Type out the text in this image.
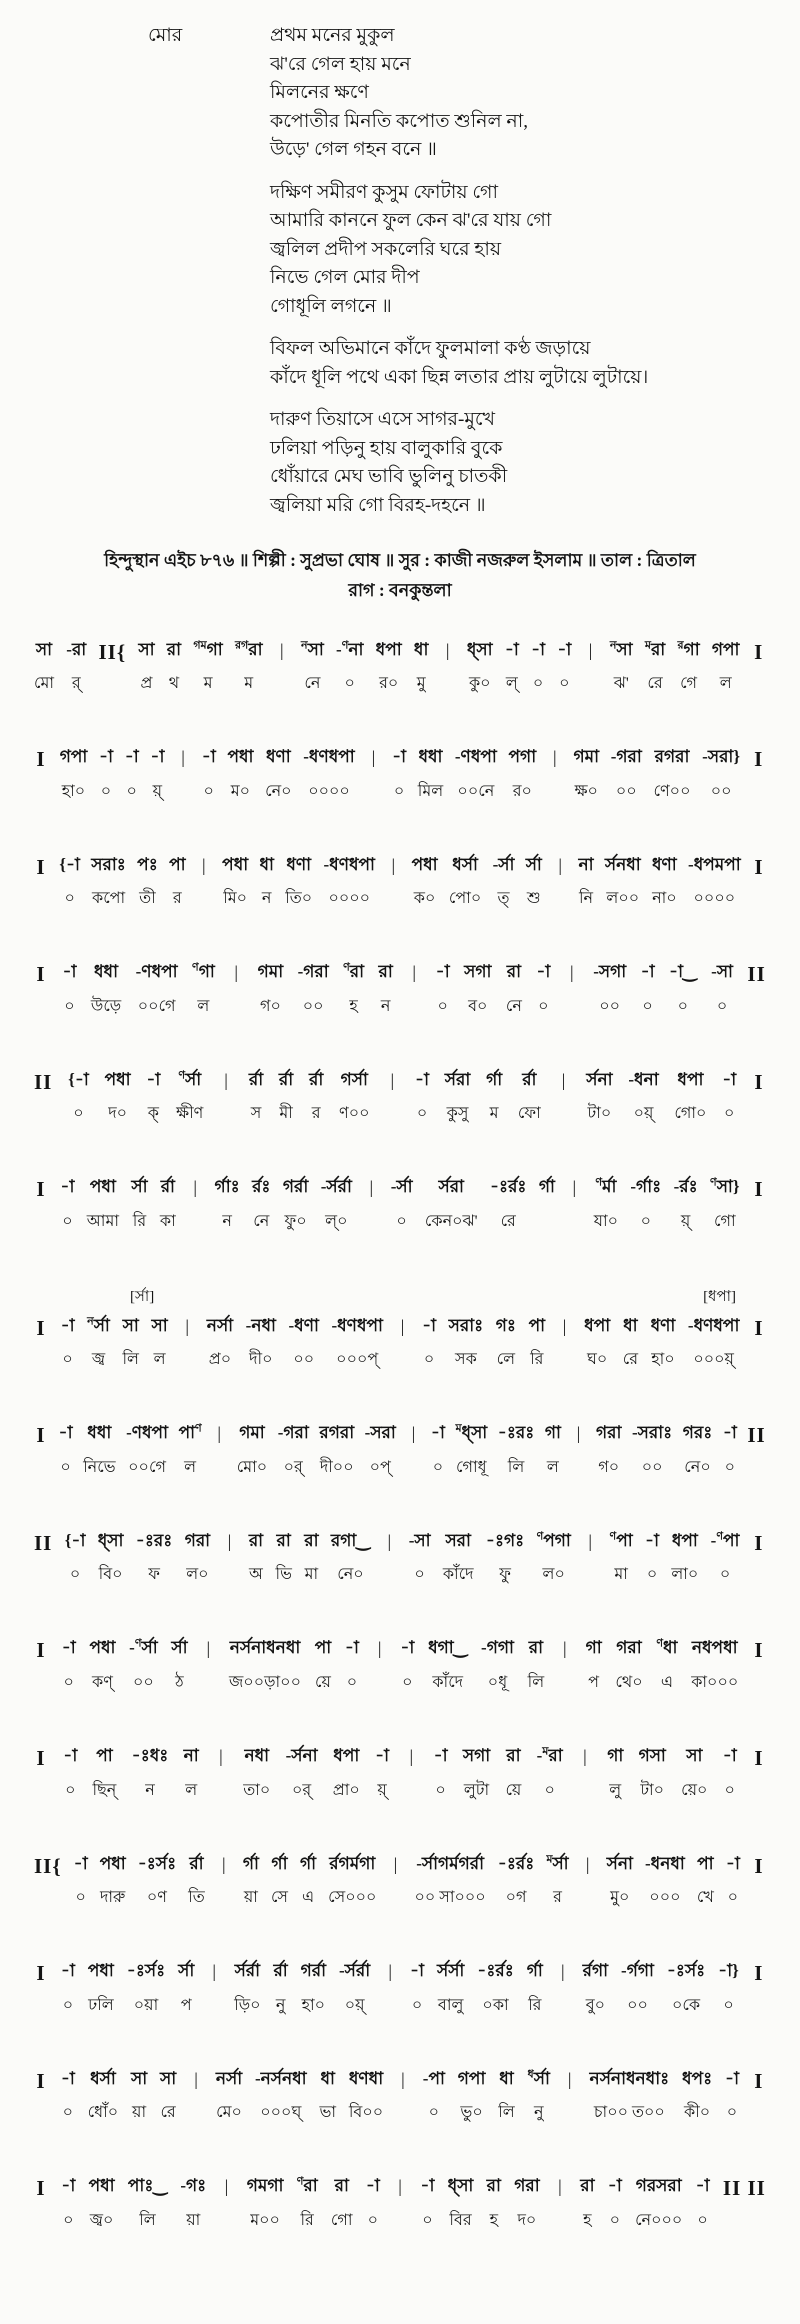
মোর	প্রথম মনের মুকুল
ঝ'রে গেল হায় মনে
মিলনের ক্ষণে
কপোতীর মিনতি কপোত শুনিল না,
উড়ে' গেল গহন বনে ॥
দক্ষিণ সমীরণ কুসুম ফোটায় গো
আমারি কাননে ফুল কেন ঝ'রে যায় গো
জ্বলিল প্রদীপ সকলেরি ঘরে হায়
নিভে গেল মোর দীপ
গোধূলি লগনে ॥
বিফল অভিমানে কাঁদে ফুলমালা কণ্ঠ জড়ায়ে
কাঁদে ধূলি পথে একা ছিন্ন লতার প্রায় লুটায়ে লুটায়ে।
দারুণ তিয়াসে এসে সাগর-মুখে
ঢলিয়া পড়িনু হায় বালুকারি বুকে
ধোঁয়ারে মেঘ ভাবি ভুলিনু চাতকী
জ্বলিয়া মরি গো বিরহ-দহনে ॥
হিন্দুস্থান এইচ ৮৭৬ ॥ শিল্পী : সুপ্রভা ঘোষ ॥ সুর : কাজী নজরুল ইসলাম ॥ তাল : ত্রিতাল
রাগ : বনকুন্তলা
সা
মো
-রা
র্
II{ সা
প্র
রা
থ
$^{গম}$গা
ম
$^{রগ}$রা
ম
| $^ন$সা
নে
-$^ণ$না
০
ধপা
র০
ধা
মু
| ধ্সা
কু০
-া
ল্
-া
০
-া
০
| $^ন$সা
ঝ'
$^ম$রা
রে
$^র$গা
গে
গপা
ল
I
I গপা
হা০
-া
০
-া
০
-া
য়্
| -া
০
পধা
ম০
ধণা
নে০
-ধণধপা
০০০০
| -া
০
ধধা
মিল
-ণধপা
০০নে
পগা
র০
| গমা
ক্ষ০
-গরা
০০
রগরা
ণে০০
-সরা}
০০
I
I {-া
০
সরাঃ
কপো
পঃ
তী
পা
র
| পধা
মি০
ধা
ন
ধণা
তি০
-ধণধপা
০০০০
| পধা
ক০
ধর্সা
পো০
-র্সা
ত্
র্সা
শু
| না
নি
র্সনধা
ল০০
ধণা
না০
-ধপমপা
০০০০
I
I -া
০
ধধা
উড়ে
-ণধপা
০০গে
$^ণ$গা
ল
| গমা
গ০
-গরা
০০
$^ণ$রা
হ
রা
ন
| -া
০
সগা
ব০
রা
নে
-া
০
| -সগা
০০
-া
০
-া‿
০
-সা
০
II
II {-া
০
পধা
দ০
-া
ক্
$^ণ$র্সা
ক্ষীণ
| র্রা
স
র্রা
মী
র্রা
র
গর্সা
ণ০০
| -া
০
র্সরা
কুসু
র্গা
ম
র্রা
ফো
| র্সনা
টা০
-ধনা
০য়্
ধপা
গো০
-া
০
I
I -া
০
পধা
আমা
র্সা
রি
র্রা
কা
| র্গাঃ
ন
র্রঃ
নে
গর্রা
ফু০
-র্সর্রা
ল্০
| -র্সা
০
র্সরা
কেন০ঝ'
-ঃর্রঃ
রে
র্গা | $^ণ$র্মা
যা০
-র্গাঃ
০
-র্রঃ
য়্
$^ণ$সা}
গো
I
[র্সা]	[ধপা]
I -া
০
$^ন$র্সা
জ্ব
সা
লি
সা
ল
| নর্সা
প্র০
-নধা
দী০
-ধণা
০০
-ধণধপা
০০০প্
| -া
০
সরাঃ
সক
গঃ
লে
পা
রি
| ধপা
ঘ০
ধা
রে
ধণা
হা০
-ধণধপা
০০০য়্
I
I -া
০
ধধা
নিভে
-ণধপা
০০গে
পা$^ণ$
ল
| গমা
মো০
-গরা
০র্
রগরা
দী০০
-সরা
০প্
| -া
০
$^ম$ধ্সা
গোধূ
-ঃরঃ
লি
গা
ল
| গরা
গ০
-সরাঃ
০০
গরঃ
নে০
-া
০
II
II {-া
০
ধ্সা
বি০
-ঃরঃ
ফ
গরা
ল০
| রা
অ
রা
ভি
রা
মা
রগা‿
নে০
| -সা
০
সরা
কাঁদে
-ঃগঃ
ফু
$^ণ$পগা
ল০
| $^ণ$পা
মা
-া
০
ধপা
লা০
-$^ণ$পা
০
I
I -া
০
পধা
কণ্
-$^ণ$র্সা
০০
র্সা
ঠ
| নর্সনাধনধা
জ০০ড়া০০
পা
য়ে
-া
০
| -া
০
ধগা‿
কাঁদে
-গগা
০ধূ
রা
লি
| গা
প
গরা
থে০
$^ণ$ধা
এ
নধপধা
কা০০০
I
I -া
০
পা
ছিন্
-ঃধঃ
ন
না
ল
| নধা
তা০
-র্সনা
০র্
ধপা
প্রা০
-া
য়্
| -া
০
সগা
লুটা
রা
য়ে
-$^ম$রা
০
| গা
লু
গসা
টা০
সা
য়ে০
-া
০
I
II{ -া
০
পধা
দারু
-ঃর্সঃ
০ণ
র্রা
তি
| র্গা
য়া
র্গা
সে
র্গা
এ
র্রগর্মগা
সে০০০
| -র্সাগর্মগর্রা
০০ সা০০০
-ঃর্রঃ
০গ
$^ম$র্সা
র
| র্সনা
মু০
-ধনধা
০০০
পা
খে
-া
০
I
I -া
০
পধা
ঢলি
-ঃর্সঃ
০য়া
র্সা
প
| র্সর্রা
ড়ি০
র্রা
নু
গর্রা
হা০
-র্সর্রা
০য়্
| -া
০
র্সর্সা
বালু
-ঃর্রঃ
০কা
র্গা
রি
| র্রগা
বু০
-র্গগা
০০
-ঃর্সঃ
০কে
-া}
০
I
I -া
০
ধর্সা
ধোঁ০
সা
য়া
সা
রে
| নর্সা
মে০
-নর্সনধা
০০০ঘ্
ধা
ভা
ধণধা
বি০০
| -পা
০
গপা
ভু০
ধা
লি
$^ধ$র্সা
নু
| নর্সনাধনধাঃ
চা০০ ত০০
ধপঃ
কী০
-া
০
I
I -া
০
পধা
জ্ব০
পাঃ‿
লি
-গঃ
য়া
| গমগা
ম০০
$^ণ$রা
রি
রা
গো
-া
০
| -া
০
ধ্সা
বির
রা
হ
গরা
দ০
| রা
হ
-া
০
গরসরা
নে০০০
-া
০
II II
